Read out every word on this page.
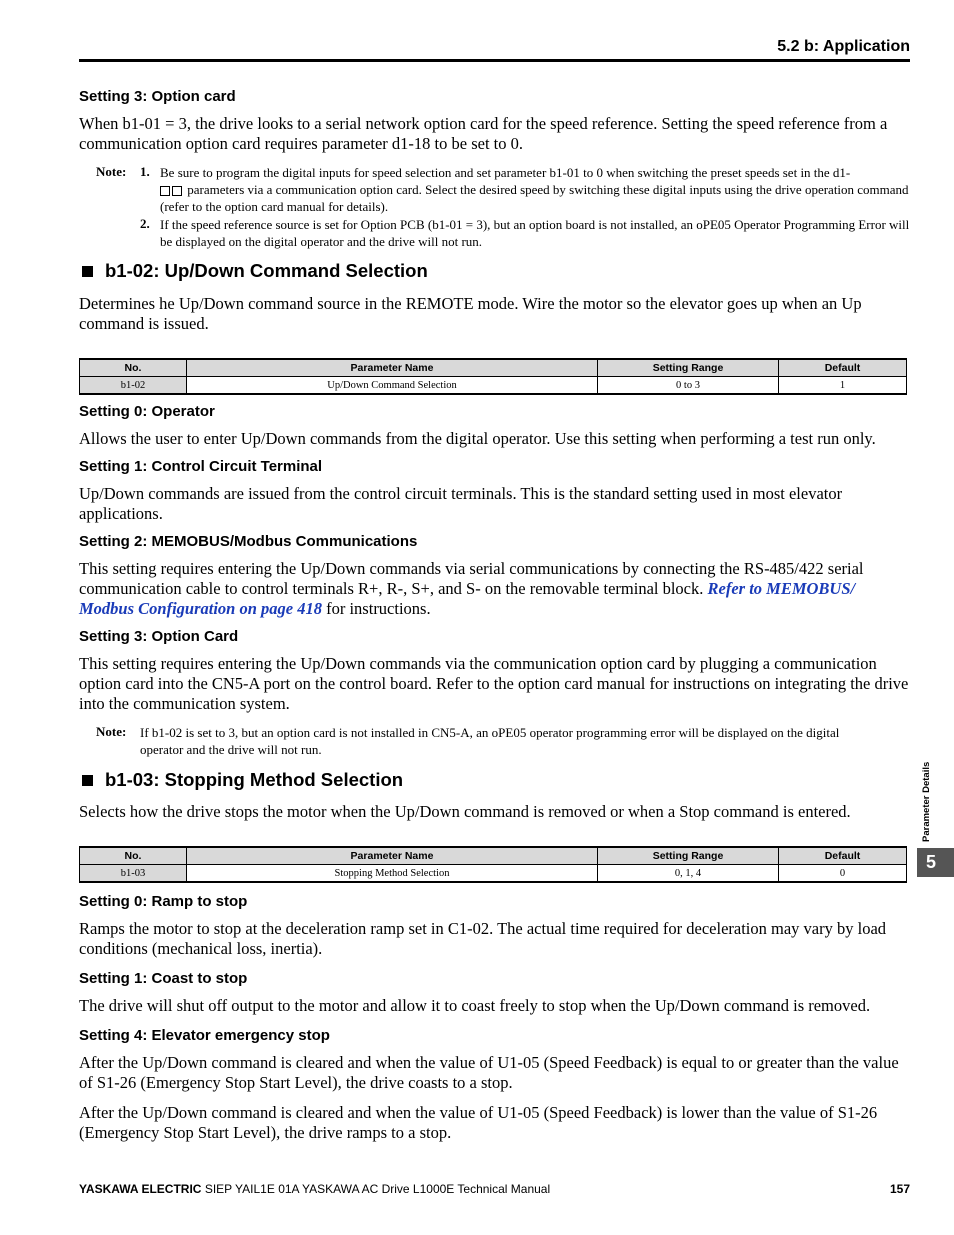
5.2 b: Application
Setting 3: Option card
When b1-01 = 3, the drive looks to a serial network option card for the speed reference. Setting the speed reference from a communication option card requires parameter d1-18 to be set to 0.
Note: 1. Be sure to program the digital inputs for speed selection and set parameter b1-01 to 0 when switching the preset speeds set in the d1-
parameters via a communication option card. Select the desired speed by switching these digital inputs using the drive operation command (refer to the option card manual for details).
2. If the speed reference source is set for Option PCB (b1-01 = 3), but an option board is not installed, an oPE05 Operator Programming Error will be displayed on the digital operator and the drive will not run.
b1-02: Up/Down Command Selection
Determines he Up/Down command source in the REMOTE mode. Wire the motor so the elevator goes up when an Up command is issued.
No.	Parameter Name	Setting Range	Default
b1-02	Up/Down Command Selection	0 to 3	1
Setting 0: Operator
Allows the user to enter Up/Down commands from the digital operator. Use this setting when performing a test run only.
Setting 1: Control Circuit Terminal
Up/Down commands are issued from the control circuit terminals. This is the standard setting used in most elevator applications.
Setting 2: MEMOBUS/Modbus Communications
This setting requires entering the Up/Down commands via serial communications by connecting the RS-485/422 serial communication cable to control terminals R+, R-, S+, and S- on the removable terminal block. Refer to MEMOBUS/ Modbus Configuration on page 418 for instructions.
Setting 3: Option Card
This setting requires entering the Up/Down commands via the communication option card by plugging a communication option card into the CN5-A port on the control board. Refer to the option card manual for instructions on integrating the drive into the communication system.
Note: If b1-02 is set to 3, but an option card is not installed in CN5-A, an oPE05 operator programming error will be displayed on the digital operator and the drive will not run.
b1-03: Stopping Method Selection
Selects how the drive stops the motor when the Up/Down command is removed or when a Stop command is entered.
No.	Parameter Name	Setting Range	Default
b1-03	Stopping Method Selection	0, 1, 4	0
Setting 0: Ramp to stop
Ramps the motor to stop at the deceleration ramp set in C1-02. The actual time required for deceleration may vary by load conditions (mechanical loss, inertia).
Setting 1: Coast to stop
The drive will shut off output to the motor and allow it to coast freely to stop when the Up/Down command is removed.
Setting 4: Elevator emergency stop
After the Up/Down command is cleared and when the value of U1-05 (Speed Feedback) is equal to or greater than the value of S1-26 (Emergency Stop Start Level), the drive coasts to a stop.
After the Up/Down command is cleared and when the value of U1-05 (Speed Feedback) is lower than the value of S1-26 (Emergency Stop Start Level), the drive ramps to a stop.
Parameter Details
5
YASKAWA ELECTRIC SIEP YAIL1E 01A YASKAWA AC Drive L1000E Technical Manual	157
